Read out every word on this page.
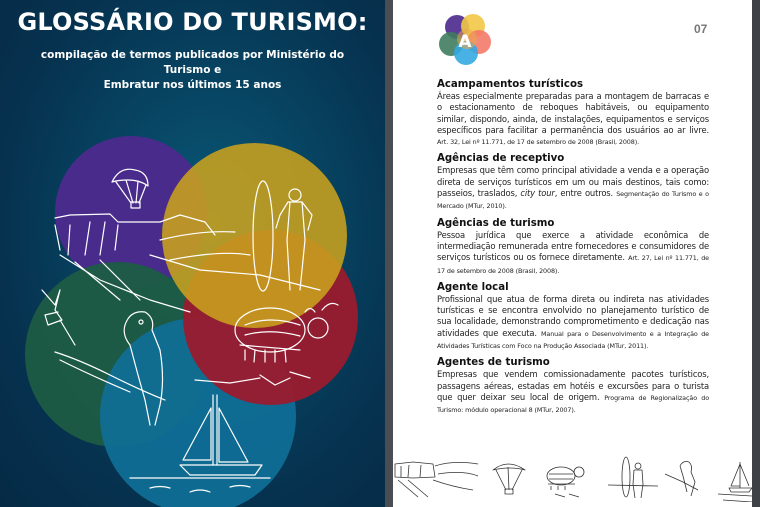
GLOSSÁRIO DO TURISMO:
compilação de termos publicados por Ministério do Turismo e
Embratur nos últimos 15 anos
A
07
Acampamentos turísticos

Áreas especialmente preparadas para a montagem de barracas e o estacionamento de reboques habitáveis, ou equipamento similar, dispondo, ainda, de instalações, equipamentos e serviços específicos para facilitar a permanência dos usuários ao ar livre. Art. 32, Lei nº 11.771, de 17 de setembro de 2008 (Brasil, 2008).

Agências de receptivo

Empresas que têm como principal atividade a venda e a operação direta de serviços turísticos em um ou mais destinos, tais como: passeios, traslados, city tour, entre outros. Segmentação do Turismo e o Mercado (MTur, 2010).

Agências de turismo

Pessoa jurídica que exerce a atividade econômica de intermediação remunerada entre fornecedores e consumidores de serviços turísticos ou os fornece diretamente. Art. 27, Lei nº 11.771, de 17 de setembro de 2008 (Brasil, 2008).

Agente local

Profissional que atua de forma direta ou indireta nas atividades turísticas e se encontra envolvido no planejamento turístico de sua localidade, demonstrando comprometimento e dedicação nas atividades que executa. Manual para o Desenvolvimento e a Integração de Atividades Turísticas com Foco na Produção Associada (MTur, 2011).

Agentes de turismo

Empresas que vendem comissionadamente pacotes turísticos, passagens aéreas, estadas em hotéis e excursões para o turista que quer deixar seu local de origem. Programa de Regionalização do Turismo: módulo operacional 8 (MTur, 2007).
